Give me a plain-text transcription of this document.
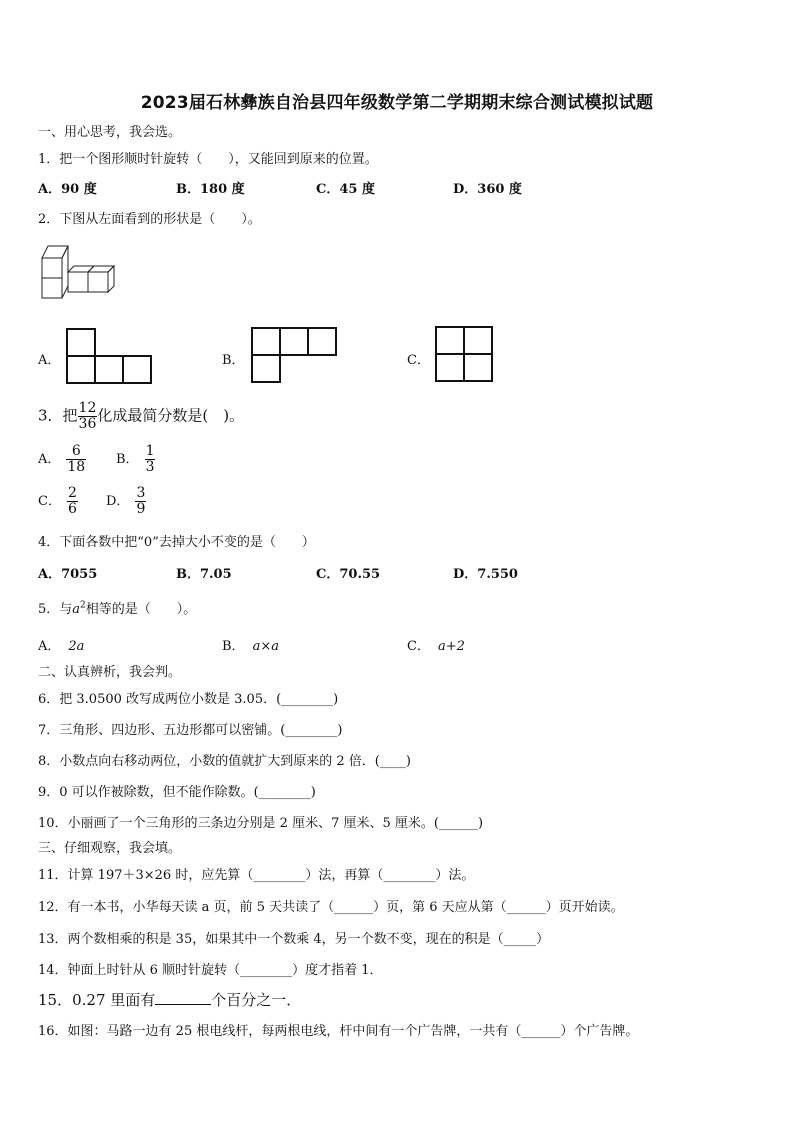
2023届石林彝族自治县四年级数学第二学期期末综合测试模拟试题
一、用心思考，我会选。
1．把一个图形顺时针旋转（　　），又能回到原来的位置。
A．90 度	B．180 度	C．45 度	D．360 度
2．下图从左面看到的形状是（　　）。
A．	B．	C．
3．把 $\frac{12}{36}$ 化成最简分数是(　)。
A． $\frac{6}{18}$ B． $\frac{1}{3}$
C． $\frac{2}{6}$ D． $\frac{3}{9}$
4．下面各数中把“0”去掉大小不变的是（　　）
A．7055	B．7.05	C．70.55	D．7.550
5．与$a^2$相等的是（　　）。
A． 2a	B． a×a	C． a+2
二、认真辨析，我会判。
6．把 3.0500 改写成两位小数是 3.05．(________)
7．三角形、四边形、五边形都可以密铺。(________)
8．小数点向右移动两位，小数的值就扩大到原来的 2 倍．(____)
9．0 可以作被除数，但不能作除数。(________)
10．小丽画了一个三角形的三条边分别是 2 厘米、7 厘米、5 厘米。(______)
三、仔细观察，我会填。
11．计算 197＋3×26 时，应先算（________）法，再算（________）法。
12．有一本书，小华每天读 a 页，前 5 天共读了（______）页，第 6 天应从第（______）页开始读。
13．两个数相乘的积是 35，如果其中一个数乘 4，另一个数不变，现在的积是（_____）
14．钟面上时针从 6 顺时针旋转（________）度才指着 1．
15．0.27 里面有	个百分之一．
16．如图：马路一边有 25 根电线杆，每两根电线，杆中间有一个广告牌，一共有（______）个广告牌。
